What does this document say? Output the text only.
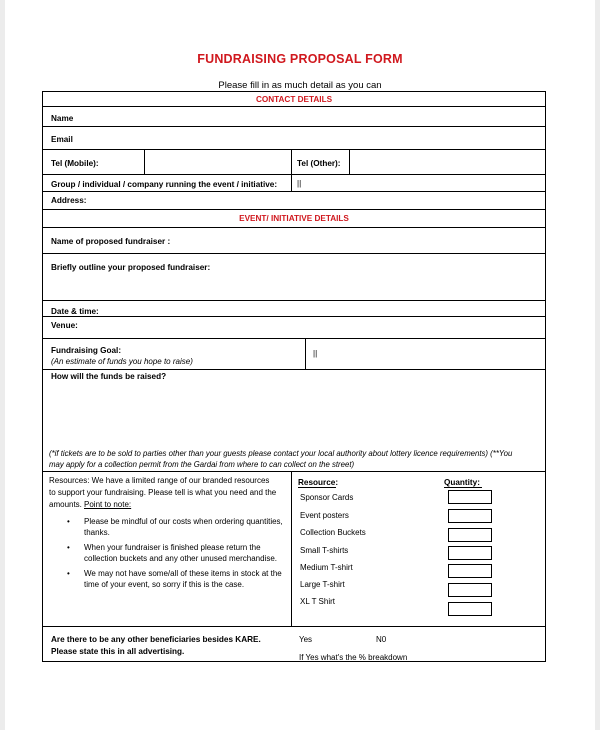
FUNDRAISING PROPOSAL FORM
Please fill in as much detail as you can
CONTACT DETAILS
Name
Email
Tel (Mobile):	Tel (Other):
Group / individual / company running the event / initiative: ||
Address:
EVENT/ INITIATIVE DETAILS
Name of proposed fundraiser :
Briefly outline your proposed fundraiser:
Date & time:
Venue:
Fundraising Goal:
(An estimate of funds you hope to raise)
||
How will the funds be raised?
(*if tickets are to be sold to parties other than your guests please contact your local authority about lottery licence requirements) (**You
may apply for a collection permit from the Gardai from where to can collect on the street)
Resources: We have a limited range of our branded resources
to support your fundraising. Please tell is what you need and the
amounts. Point to note:
• Please be mindful of our costs when ordering quantities,
thanks.
• When your fundraiser is finished please return the
collection buckets and any other unused merchandise.
• We may not have some/all of these items in stock at the
time of your event, so sorry if this is the case.
Resource:	Quantity:
Sponsor Cards
Event posters
Collection Buckets
Small T-shirts
Medium T-shirt
Large T-shirt
XL T Shirt
Are there to be any other beneficiaries besides KARE.
Please state this in all advertising.
Yes	N0
If Yes what's the % breakdown
